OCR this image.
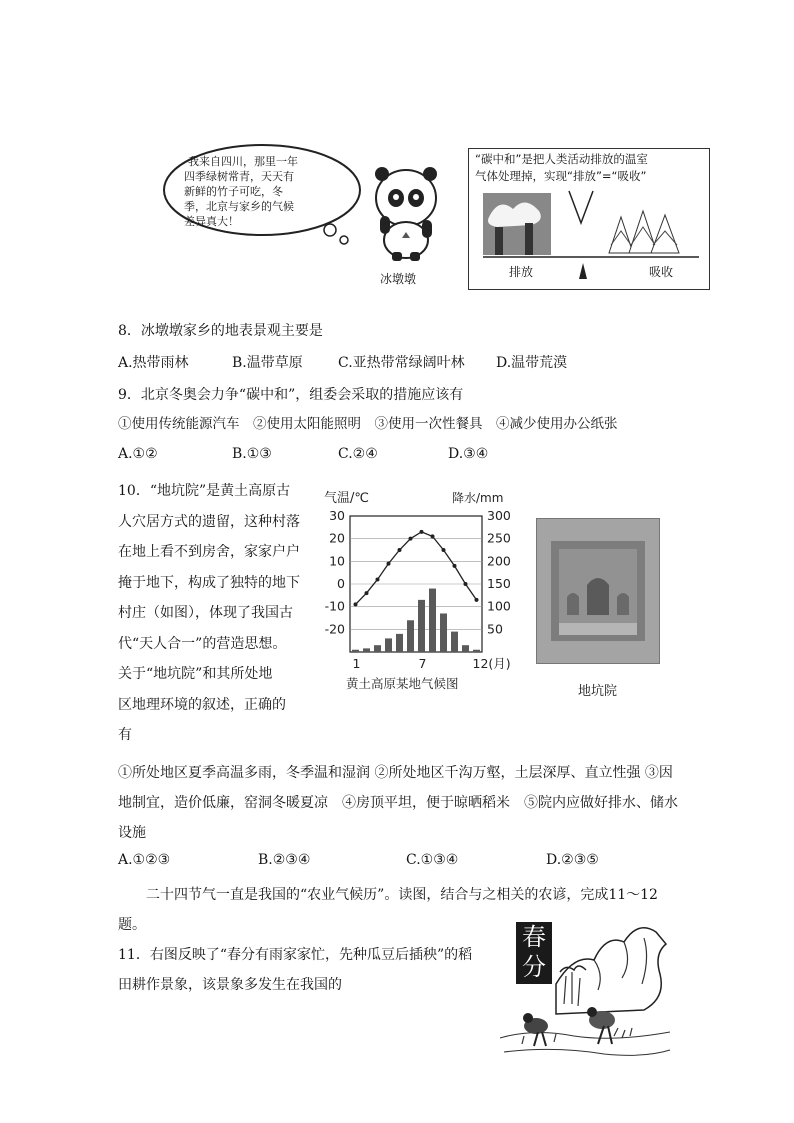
我来自四川，那里一年
四季绿树常青，天天有
新鲜的竹子可吃，冬
季，北京与家乡的气候
差异真大！
冰墩墩
“碳中和”是把人类活动排放的温室
气体处理掉，实现“排放”=“吸收”
排放	吸收
8．冰墩墩家乡的地表景观主要是
A.热带雨林	B.温带草原	C.亚热带常绿阔叶林 D.温带荒漠
9．北京冬奥会力争“碳中和”，组委会采取的措施应该有
①使用传统能源汽车　②使用太阳能照明　③使用一次性餐具　④减少使用办公纸张
A.①②	B.①③	C.②④	D.③④
10．“地坑院”是黄土高原古
人穴居方式的遗留，这种村落
在地上看不到房舍，家家户户
掩于地下，构成了独特的地下
村庄（如图），体现了我国古
代“天人合一”的营造思想。
关于“地坑院”和其所处地
区地理环境的叙述，正确的
有
气温/℃	降水/mm
30
20
10
0
-10
-20
300
250
200
150
100
50
1	7	12(月)
黄土高原某地气候图
地坑院
①所处地区夏季高温多雨，冬季温和湿润 ②所处地区千沟万壑，土层深厚、直立性强 ③因
地制宜，造价低廉，窑洞冬暖夏凉　④房顶平坦，便于晾晒稻米　⑤院内应做好排水、储水
设施
A.①②③	B.②③④	C.①③④	D.②③⑤
二十四节气一直是我国的“农业气候历”。读图，结合与之相关的农谚，完成11～12
题。
11．右图反映了“春分有雨家家忙，先种瓜豆后插秧”的稻
田耕作景象，该景象多发生在我国的
春
分
